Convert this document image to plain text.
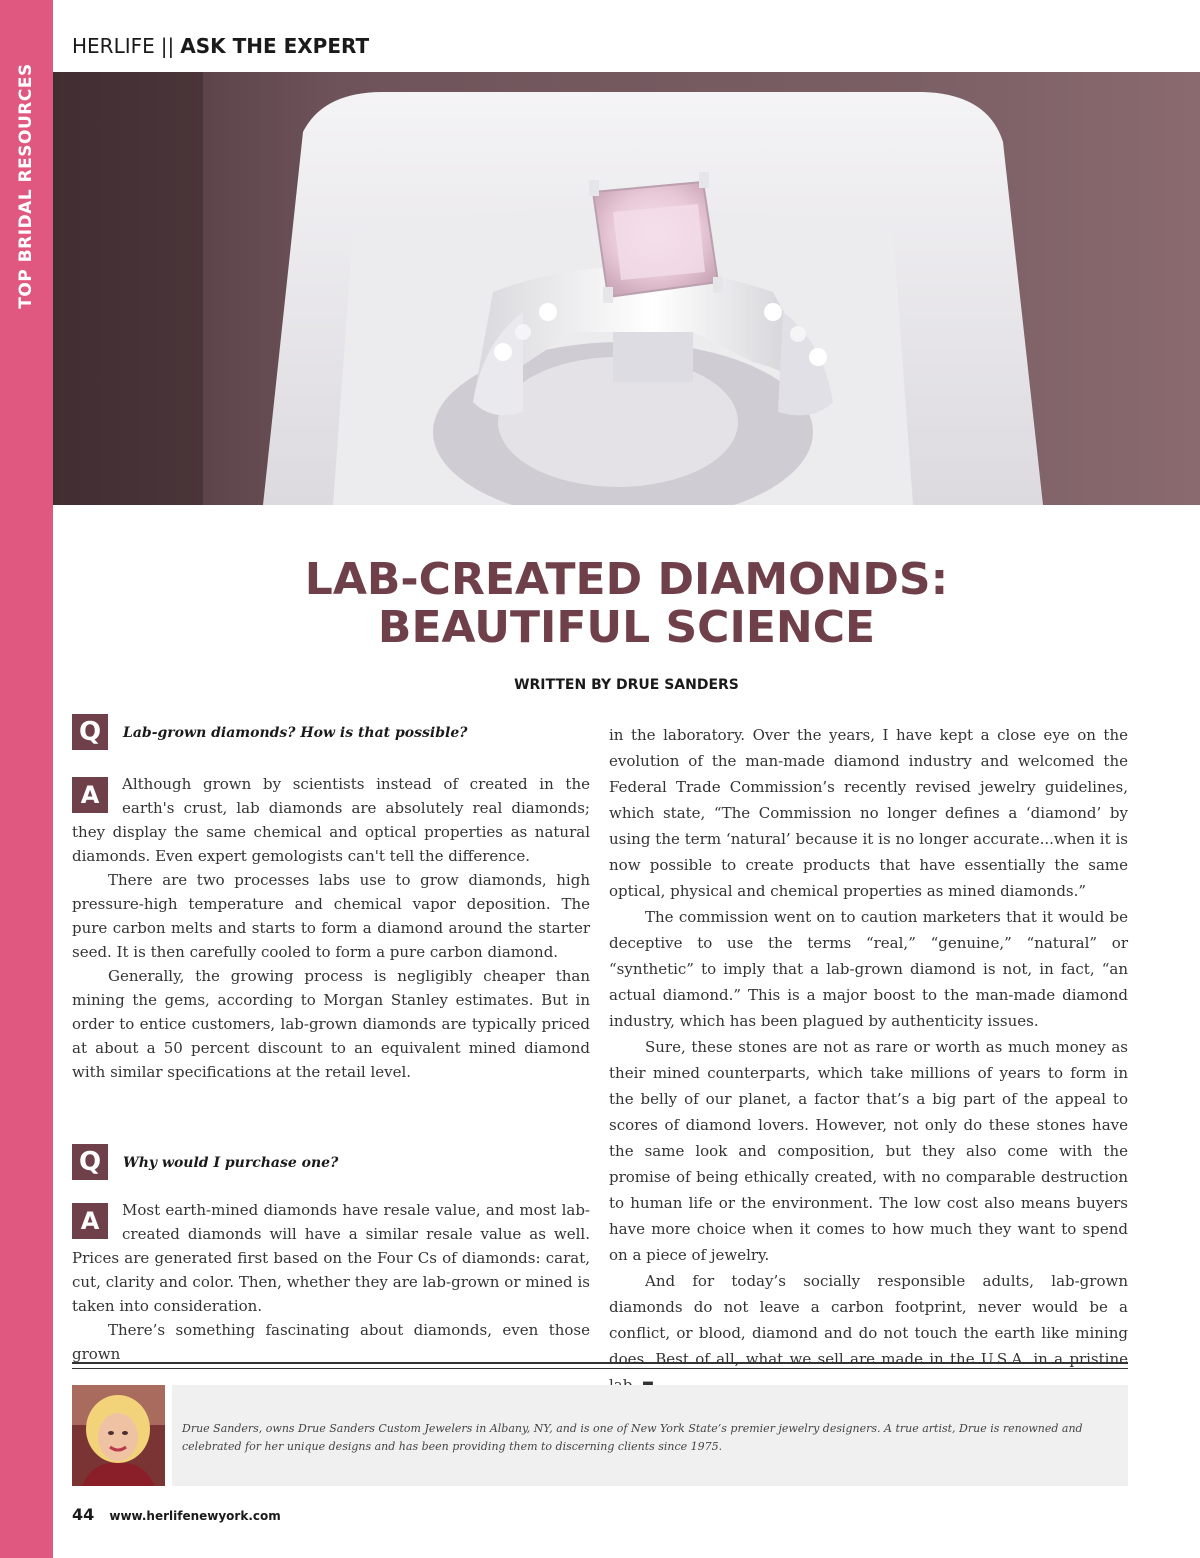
TOP BRIDAL RESOURCES
HERLIFE || ASK THE EXPERT
LAB-CREATED DIAMONDS:
BEAUTIFUL SCIENCE
WRITTEN BY DRUE SANDERS
Q	Lab-grown diamonds? How is that possible?

A	Although grown by scientists instead of created in the earth's crust, lab diamonds are absolutely real diamonds; they display the same chemical and optical properties as natural diamonds. Even expert gemologists can't tell the difference.

There are two processes labs use to grow diamonds, high pressure-high temperature and chemical vapor deposition. The pure carbon melts and starts to form a diamond around the starter seed. It is then carefully cooled to form a pure carbon diamond.

Generally, the growing process is negligibly cheaper than mining the gems, according to Morgan Stanley estimates. But in order to entice customers, lab-grown diamonds are typically priced at about a 50 percent discount to an equivalent mined diamond with similar specifications at the retail level.

Q	Why would I purchase one?

A	Most earth-mined diamonds have resale value, and most lab-created diamonds will have a similar resale value as well. Prices are generated first based on the Four Cs of diamonds: carat, cut, clarity and color. Then, whether they are lab-grown or mined is taken into consideration.

There’s something fascinating about diamonds, even those grown

in the laboratory. Over the years, I have kept a close eye on the evolution of the man-made diamond industry and welcomed the Federal Trade Commission’s recently revised jewelry guidelines, which state, “The Commission no longer defines a ‘diamond’ by using the term ‘natural’ because it is no longer accurate...when it is now possible to create products that have essentially the same optical, physical and chemical properties as mined diamonds.”

The commission went on to caution marketers that it would be deceptive to use the terms “real,” “genuine,” “natural” or “synthetic” to imply that a lab-grown diamond is not, in fact, “an actual diamond.” This is a major boost to the man-made diamond industry, which has been plagued by authenticity issues.

Sure, these stones are not as rare or worth as much money as their mined counterparts, which take millions of years to form in the belly of our planet, a factor that’s a big part of the appeal to scores of diamond lovers. However, not only do these stones have the same look and composition, but they also come with the promise of being ethically created, with no comparable destruction to human life or the environment. The low cost also means buyers have more choice when it comes to how much they want to spend on a piece of jewelry.

And for today’s socially responsible adults, lab-grown diamonds do not leave a carbon footprint, never would be a conflict, or blood, diamond and do not touch the earth like mining does. Best of all, what we sell are made in the U.S.A. in a pristine

Drue Sanders, owns Drue Sanders Custom Jewelers in Albany, NY, and is one of New York State’s premier jewelry designers. A true artist, Drue is renowned and celebrated for her unique designs and has been providing them to discerning clients since 1975.
44 www.herlifenewyork.com
